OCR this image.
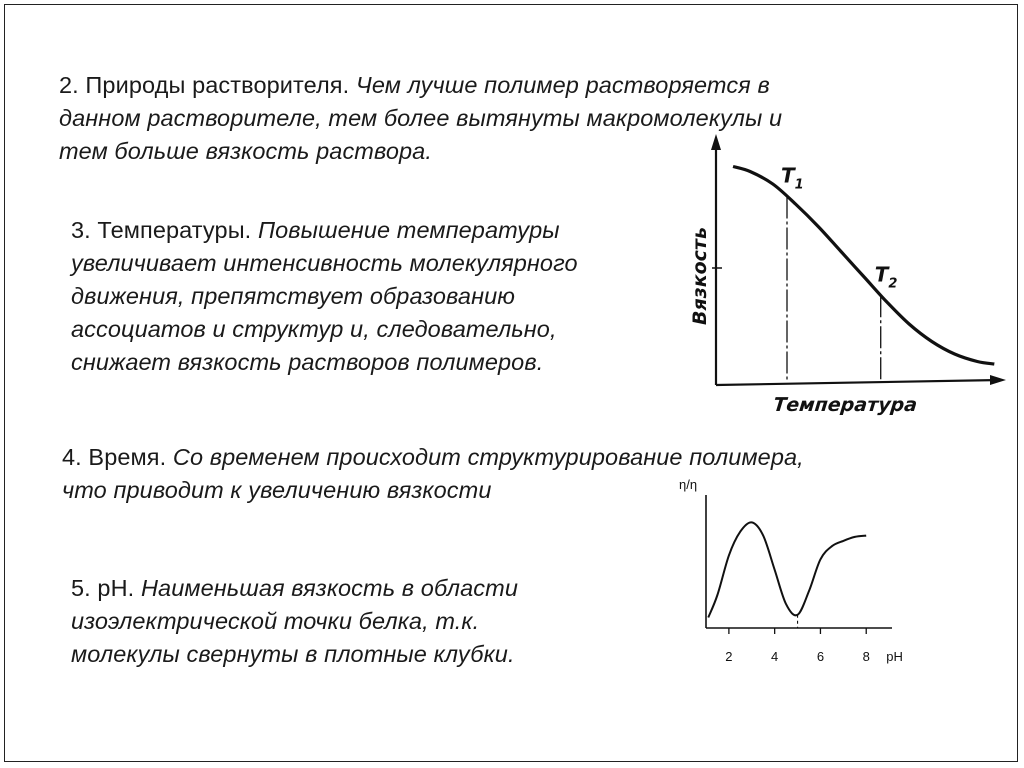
2. Природы растворителя. Чем лучше полимер растворяется в
данном растворителе, тем более вытянуты макромолекулы и
тем больше вязкость раствора.

3. Температуры. Повышение температуры
увеличивает интенсивность молекулярного
движения, препятствует образованию
ассоциатов и структур и, следовательно,
снижает вязкость растворов полимеров.

4. Время. Со временем происходит структурирование полимера,
что приводит к увеличению вязкости

5. pH. Наименьшая вязкость в области
изоэлектрической точки белка, т.к.
молекулы свернуты в плотные клубки.

Вязкость
Температура
$T_1$
$T_2$
η/η
2	4	6	8 pH
